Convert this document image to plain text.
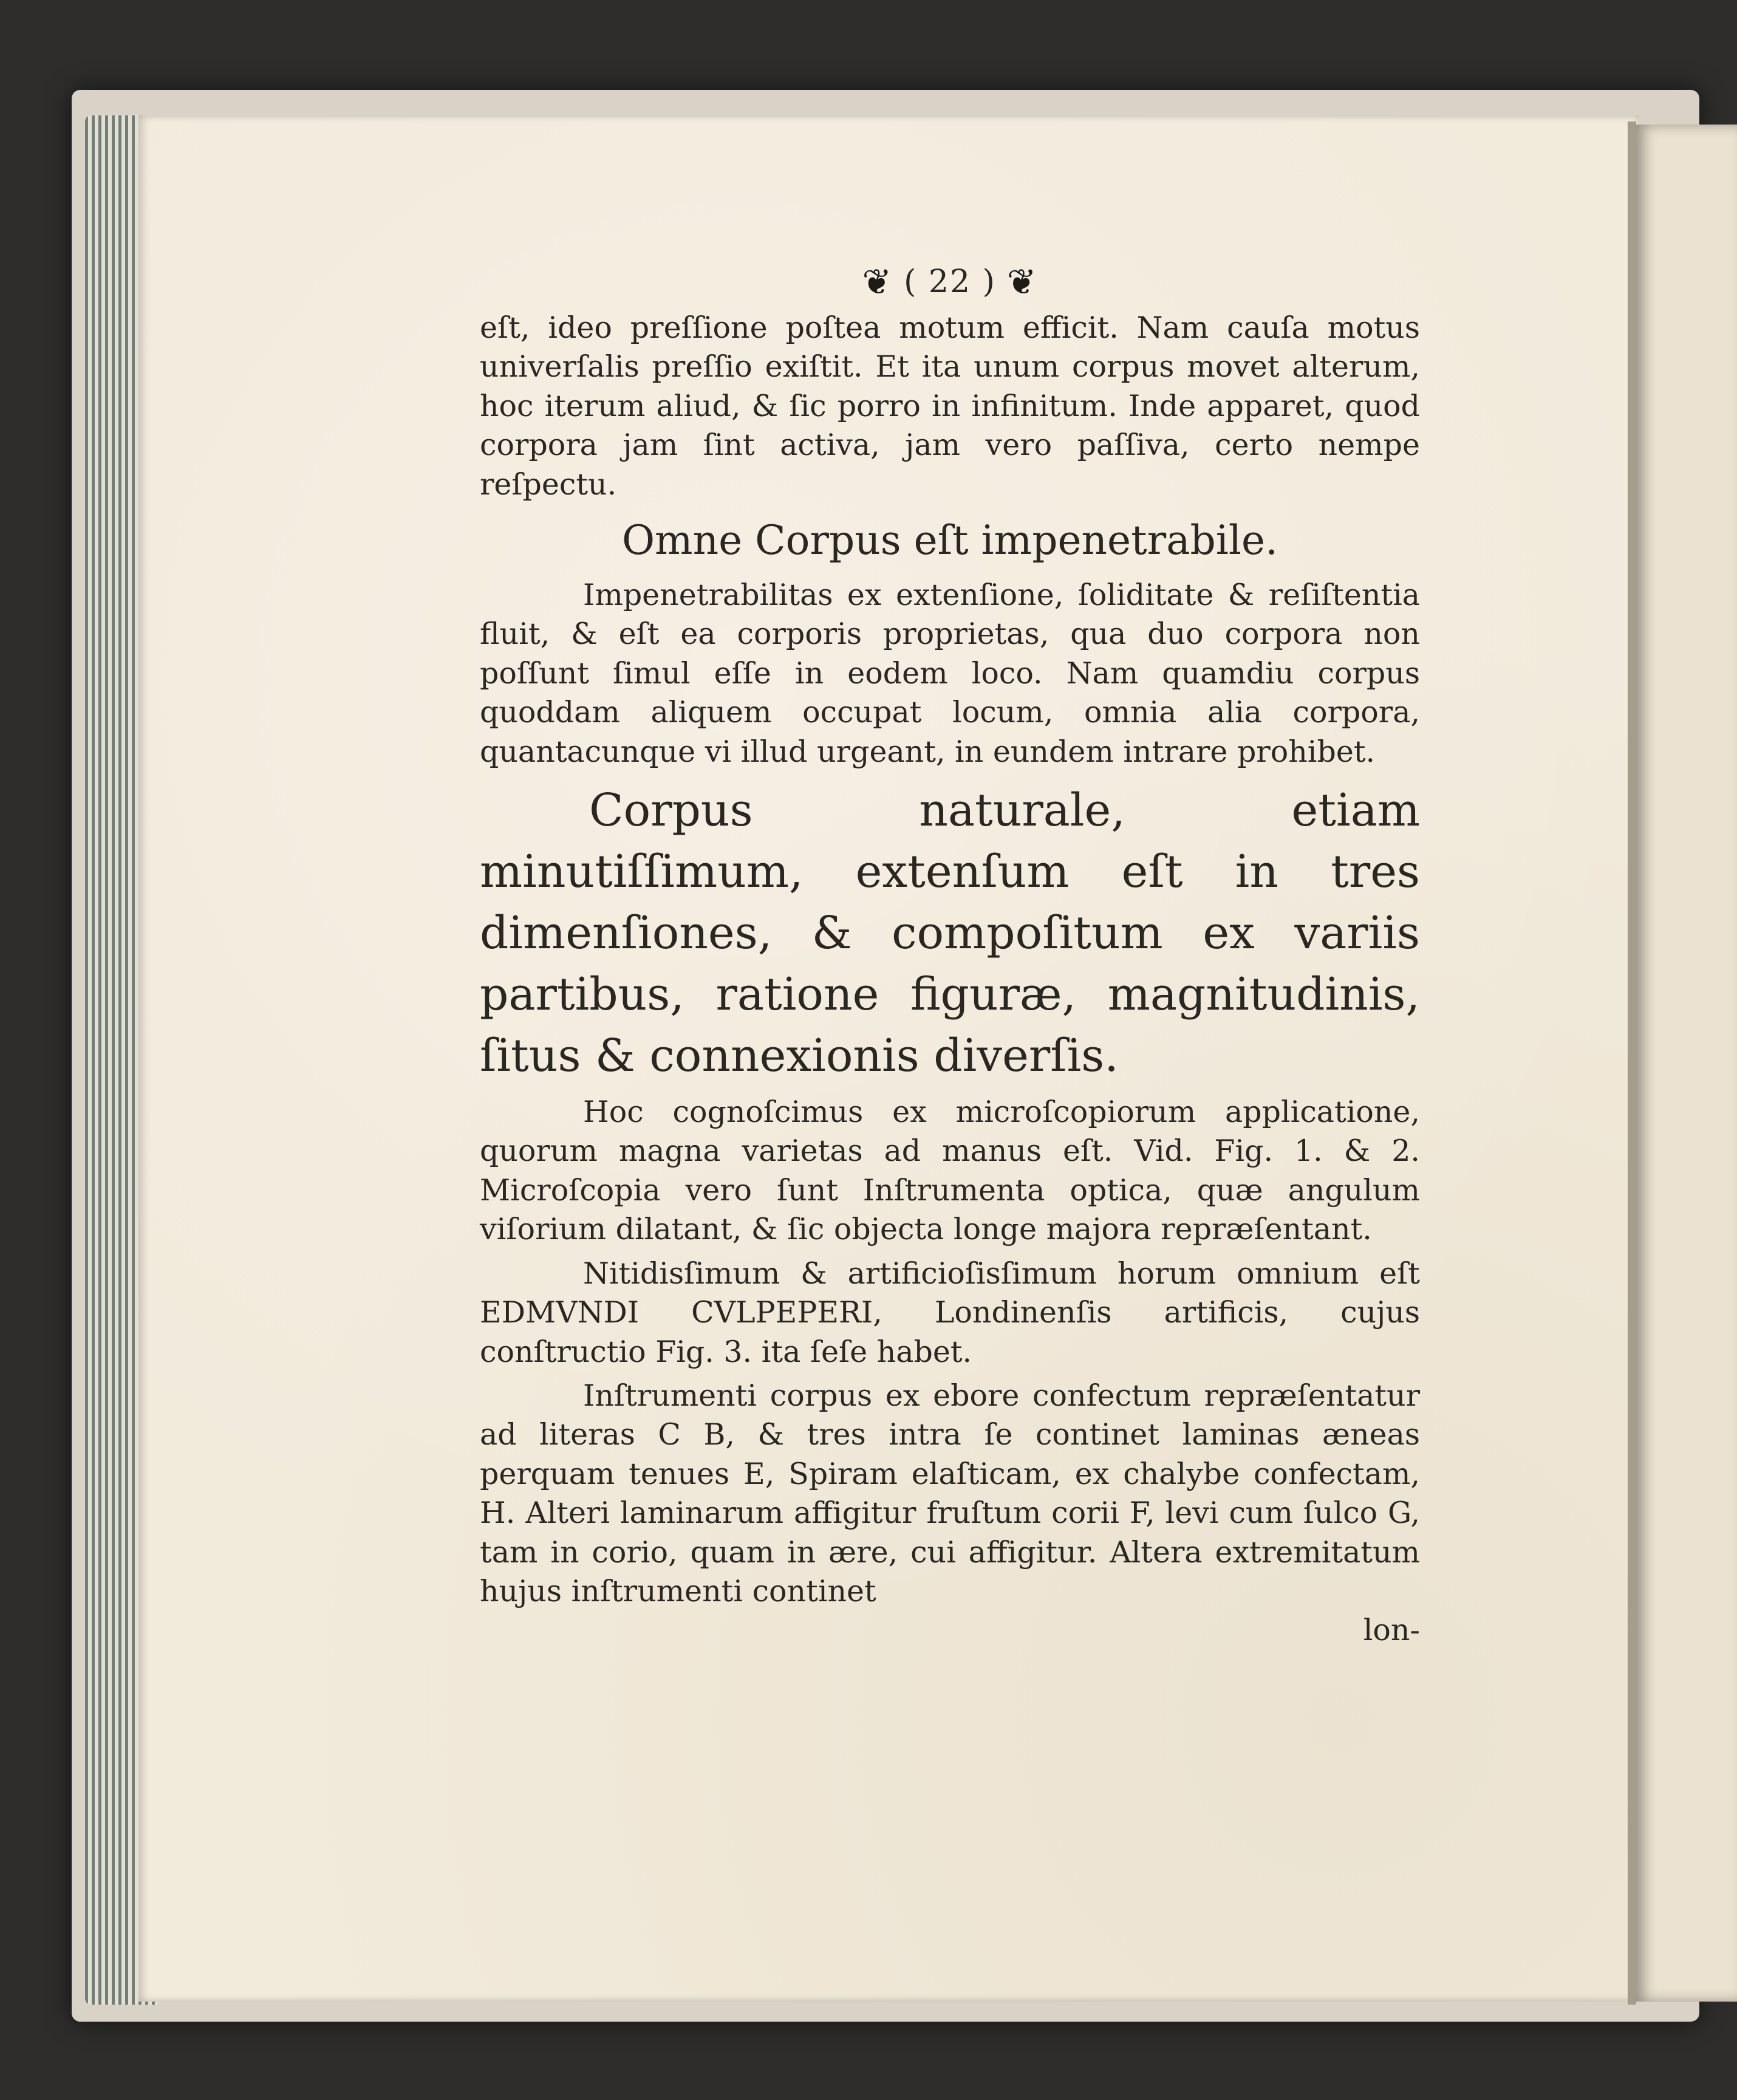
❦ ( 22 ) ❦

eſt, ideo preſſione poſtea motum efficit. Nam cauſa motus univerſalis preſſio exiſtit. Et ita unum corpus movet alterum, hoc iterum aliud, & ſic porro in infinitum. Inde apparet, quod corpora jam ſint activa, jam vero paſſiva, certo nempe reſpectu.

Omne Corpus eſt impenetrabile.

Impenetrabilitas ex extenſione, ſoliditate & reſiſtentia fluit, & eſt ea corporis proprietas, qua duo corpora non poſſunt ſimul eſſe in eodem loco. Nam quamdiu corpus quoddam aliquem occupat locum, omnia alia corpora, quantacunque vi illud urgeant, in eundem intrare prohibet.

Corpus naturale, etiam minutiſſimum, extenſum eſt in tres dimenſiones, & compoſitum ex variis partibus, ratione figuræ, magnitudinis, ſitus & connexionis diverſis.

Hoc cognoſcimus ex microſcopiorum applicatione, quorum magna varietas ad manus eſt. Vid. Fig. 1. & 2. Microſcopia vero ſunt Inſtrumenta optica, quæ angulum viſorium dilatant, & ſic objecta longe majora repræſentant.

Nitidisſimum & artificioſisſimum horum omnium eſt EDMVNDI CVLPEPERI, Londinenſis artificis, cujus conſtructio Fig. 3. ita ſeſe habet.

Inſtrumenti corpus ex ebore confectum repræſentatur ad literas C B, & tres intra ſe continet laminas æneas perquam tenues E, Spiram elaſticam, ex chalybe confectam, H. Alteri laminarum affigitur fruſtum corii F, levi cum ſulco G, tam in corio, quam in ære, cui affigitur. Altera extremitatum hujus inſtrumenti continet

lon-
